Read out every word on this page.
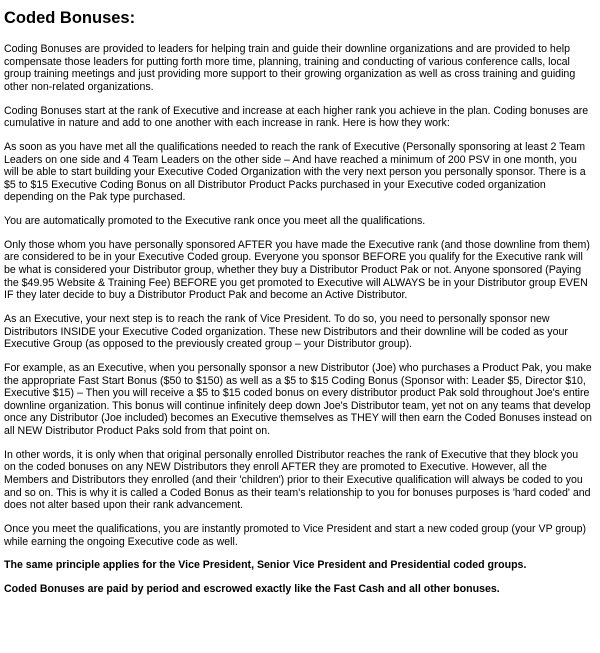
Coded Bonuses:

Coding Bonuses are provided to leaders for helping train and guide their downline organizations and are provided to help compensate those leaders for putting forth more time, planning, training and conducting of various conference calls, local group training meetings and just providing more support to their growing organization as well as cross training and guiding other non-related organizations.

Coding Bonuses start at the rank of Executive and increase at each higher rank you achieve in the plan. Coding bonuses are cumulative in nature and add to one another with each increase in rank. Here is how they work:

As soon as you have met all the qualifications needed to reach the rank of Executive (Personally sponsoring at least 2 Team Leaders on one side and 4 Team Leaders on the other side – And have reached a minimum of 200 PSV in one month, you will be able to start building your Executive Coded Organization with the very next person you personally sponsor. There is a $5 to $15 Executive Coding Bonus on all Distributor Product Packs purchased in your Executive coded organization depending on the Pak type purchased.

You are automatically promoted to the Executive rank once you meet all the qualifications.

Only those whom you have personally sponsored AFTER you have made the Executive rank (and those downline from them) are considered to be in your Executive Coded group. Everyone you sponsor BEFORE you qualify for the Executive rank will be what is considered your Distributor group, whether they buy a Distributor Product Pak or not. Anyone sponsored (Paying the $49.95 Website & Training Fee) BEFORE you get promoted to Executive will ALWAYS be in your Distributor group EVEN IF they later decide to buy a Distributor Product Pak and become an Active Distributor.

As an Executive, your next step is to reach the rank of Vice President. To do so, you need to personally sponsor new Distributors INSIDE your Executive Coded organization. These new Distributors and their downline will be coded as your Executive Group (as opposed to the previously created group – your Distributor group).

For example, as an Executive, when you personally sponsor a new Distributor (Joe) who purchases a Product Pak, you make the appropriate Fast Start Bonus ($50 to $150) as well as a $5 to $15 Coding Bonus (Sponsor with: Leader $5, Director $10, Executive $15) – Then you will receive a $5 to $15 coded bonus on every distributor product Pak sold throughout Joe's entire downline organization. This bonus will continue infinitely deep down Joe's Distributor team, yet not on any teams that develop once any Distributor (Joe included) becomes an Executive themselves as THEY will then earn the Coded Bonuses instead on all NEW Distributor Product Paks sold from that point on.

In other words, it is only when that original personally enrolled Distributor reaches the rank of Executive that they block you on the coded bonuses on any NEW Distributors they enroll AFTER they are promoted to Executive. However, all the Members and Distributors they enrolled (and their 'children') prior to their Executive qualification will always be coded to you and so on. This is why it is called a Coded Bonus as their team's relationship to you for bonuses purposes is 'hard coded' and does not alter based upon their rank advancement.

Once you meet the qualifications, you are instantly promoted to Vice President and start a new coded group (your VP group) while earning the ongoing Executive code as well.

The same principle applies for the Vice President, Senior Vice President and Presidential coded groups.

Coded Bonuses are paid by period and escrowed exactly like the Fast Cash and all other bonuses.
